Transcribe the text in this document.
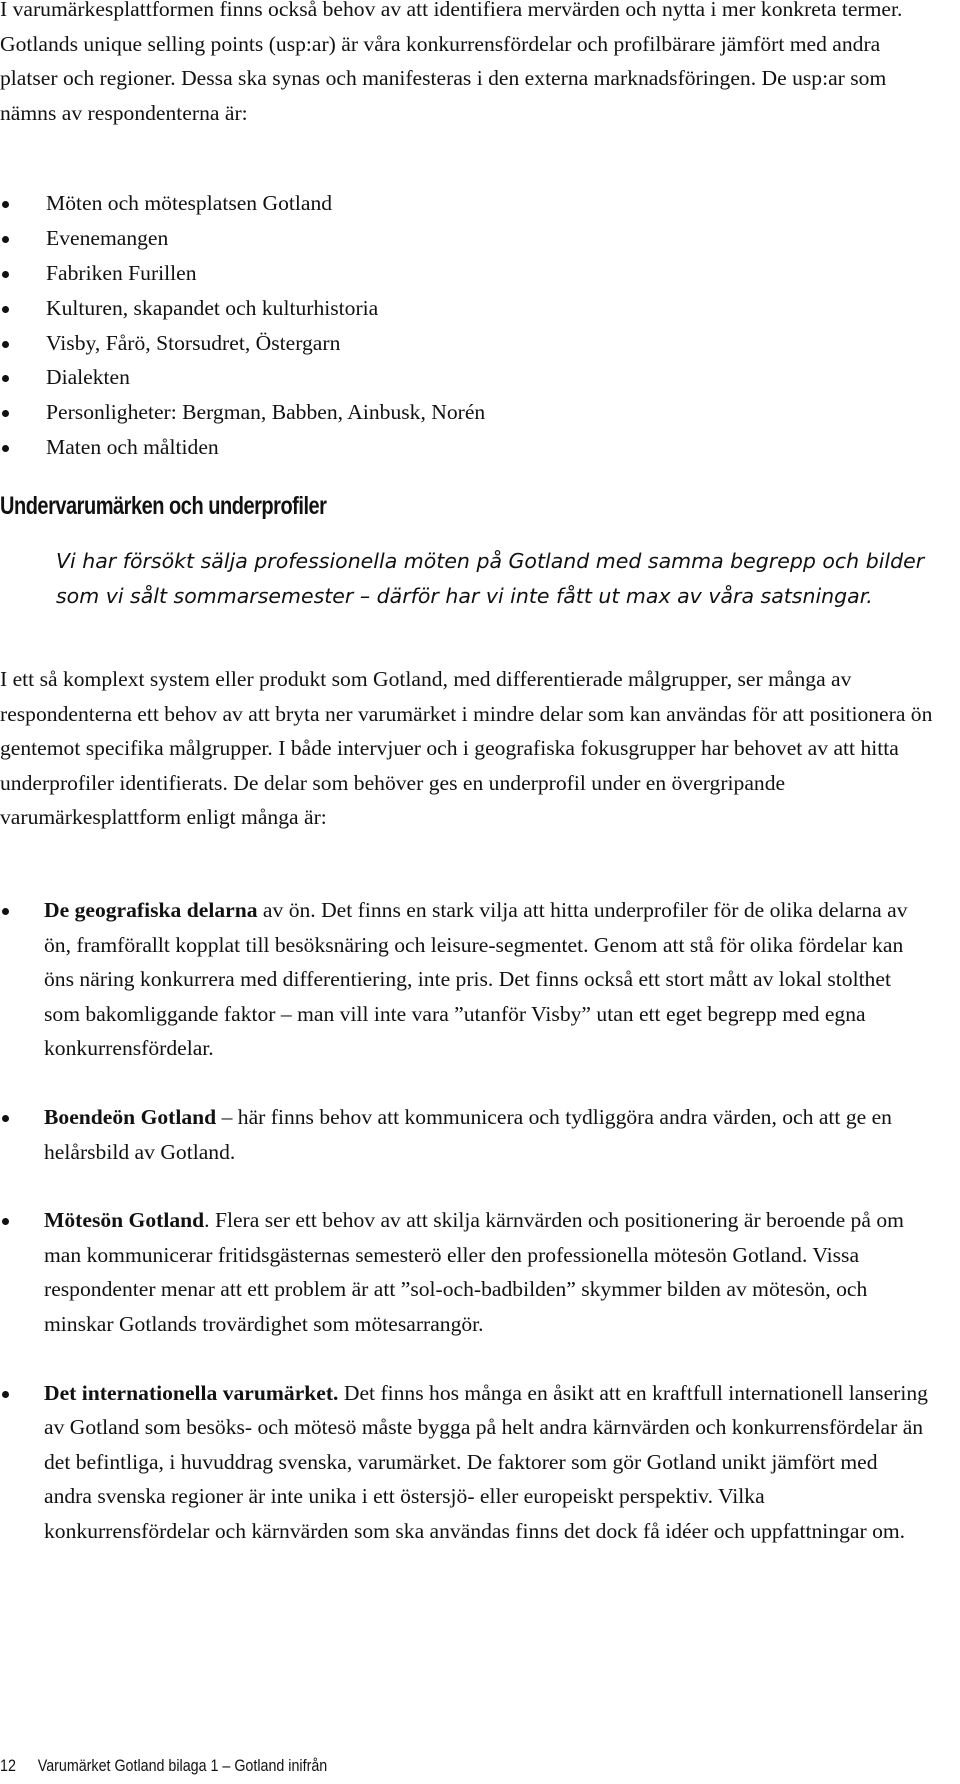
I varumärkesplattformen finns också behov av att identifiera mervärden och nytta i mer konkreta termer. Gotlands unique selling points (usp:ar) är våra konkurrensfördelar och profilbärare jämfört med andra platser och regioner. Dessa ska synas och manifesteras i den externa marknadsföringen. De usp:ar som nämns av respondenterna är:

Möten och mötesplatsen Gotland
Evenemangen
Fabriken Furillen
Kulturen, skapandet och kulturhistoria
Visby, Fårö, Storsudret, Östergarn
Dialekten
Personligheter: Bergman, Babben, Ainbusk, Norén
Maten och måltiden
Undervarumärken och underprofiler
Vi har försökt sälja professionella möten på Gotland med samma begrepp och bilder som vi sålt sommarsemester – därför har vi inte fått ut max av våra satsningar.

I ett så komplext system eller produkt som Gotland, med differentierade målgrupper, ser många av respondenterna ett behov av att bryta ner varumärket i mindre delar som kan användas för att positionera ön gentemot specifika målgrupper. I både intervjuer och i geografiska fokusgrupper har behovet av att hitta underprofiler identifierats. De delar som behöver ges en underprofil under en övergripande varumärkesplattform enligt många är:

De geografiska delarna av ön. Det finns en stark vilja att hitta underprofiler för de olika delarna av ön, framförallt kopplat till besöksnäring och leisure-segmentet. Genom att stå för olika fördelar kan öns näring konkurrera med differentiering, inte pris. Det finns också ett stort mått av lokal stolthet som bakomliggande faktor – man vill inte vara ”utanför Visby” utan ett eget begrepp med egna konkurrensfördelar.
Boendeön Gotland – här finns behov att kommunicera och tydliggöra andra värden, och att ge en helårsbild av Gotland.
Mötesön Gotland. Flera ser ett behov av att skilja kärnvärden och positionering är beroende på om man kommunicerar fritidsgästernas semesterö eller den professionella mötesön Gotland. Vissa respondenter menar att ett problem är att ”sol-och-badbilden” skymmer bilden av mötesön, och minskar Gotlands trovärdighet som mötesarrangör.
Det internationella varumärket. Det finns hos många en åsikt att en kraftfull internationell lansering av Gotland som besöks- och mötesö måste bygga på helt andra kärnvärden och konkurrensfördelar än det befintliga, i huvuddrag svenska, varumärket. De faktorer som gör Gotland unikt jämfört med andra svenska regioner är inte unika i ett östersjö- eller europeiskt perspektiv. Vilka konkurrensfördelar och kärnvärden som ska användas finns det dock få idéer och uppfattningar om.
12 Varumärket Gotland bilaga 1 – Gotland inifrån
